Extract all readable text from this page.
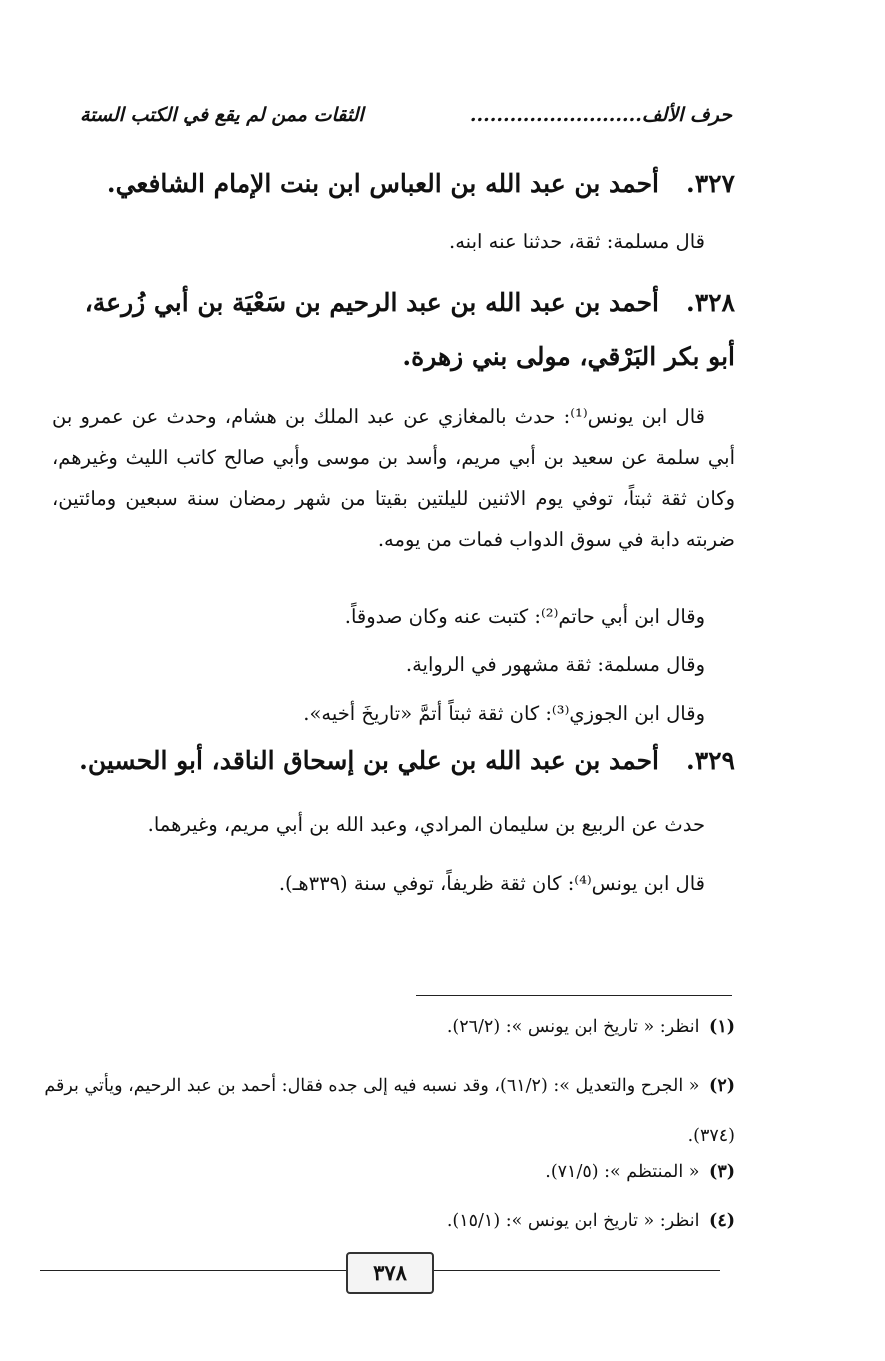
حرف الألف..........................
الثقات ممن لم يقع في الكتب الستة
٣٢٧.أحمد بن عبد الله بن العباس ابن بنت الإمام الشافعي.
قال مسلمة: ثقة، حدثنا عنه ابنه.
٣٢٨.أحمد بن عبد الله بن عبد الرحيم بن سَعْيَة بن أبي زُرعة، أبو بكر البَرْقي، مولى بني زهرة.
قال ابن يونس⁽¹⁾: حدث بالمغازي عن عبد الملك بن هشام، وحدث عن عمرو بن أبي سلمة عن سعيد بن أبي مريم، وأسد بن موسى وأبي صالح كاتب الليث وغيرهم، وكان ثقة ثبتاً، توفي يوم الاثنين لليلتين بقيتا من شهر رمضان سنة سبعين ومائتين، ضربته دابة في سوق الدواب فمات من يومه.
وقال ابن أبي حاتم⁽²⁾: كتبت عنه وكان صدوقاً.
وقال مسلمة: ثقة مشهور في الرواية.
وقال ابن الجوزي⁽³⁾: كان ثقة ثبتاً أتمَّ «تاريخَ أخيه».
٣٢٩.أحمد بن عبد الله بن علي بن إسحاق الناقد، أبو الحسين.
حدث عن الربيع بن سليمان المرادي، وعبد الله بن أبي مريم، وغيرهما.
قال ابن يونس⁽⁴⁾: كان ثقة ظريفاً، توفي سنة (٣٣٩هـ).
(١) انظر: « تاريخ ابن يونس »: (٢٦/٢).
(٢) « الجرح والتعديل »: (٦١/٢)، وقد نسبه فيه إلى جده فقال: أحمد بن عبد الرحيم، ويأتي برقم (٣٧٤).
(٣) « المنتظم »: (٧١/٥).
(٤) انظر: « تاريخ ابن يونس »: (١٥/١).
٣٧٨
